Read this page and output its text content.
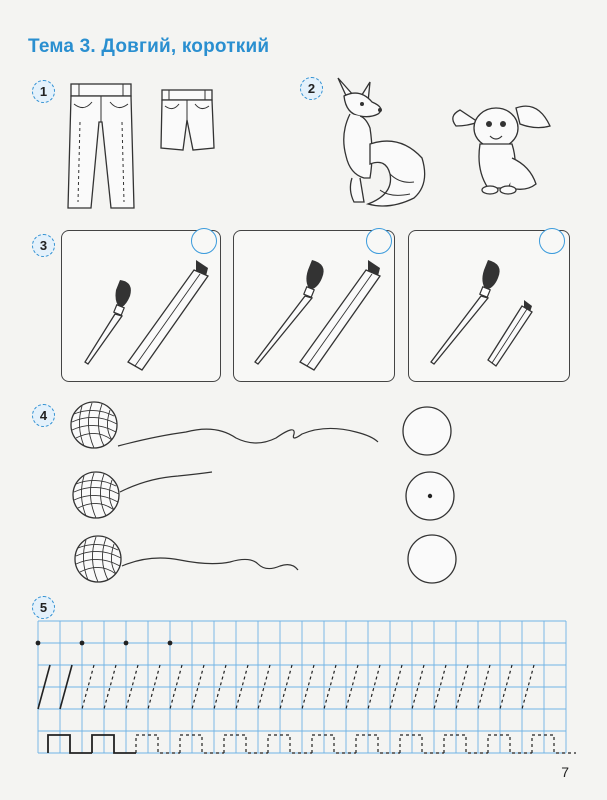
Тема 3. Довгий, короткий
1	2
3
4
5
7
